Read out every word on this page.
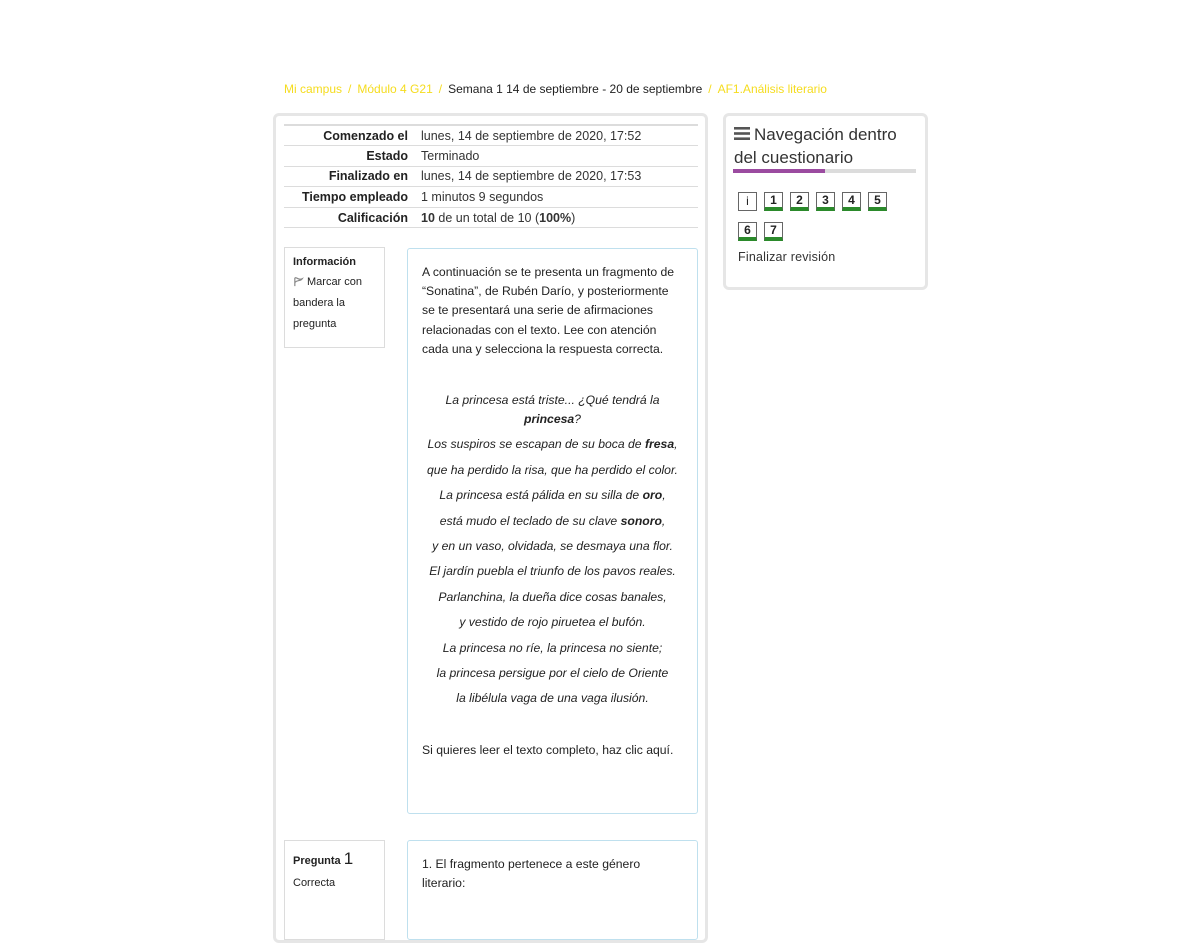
Mi campus / Módulo 4 G21 / Semana 1 14 de septiembre - 20 de septiembre / AF1.Análisis literario
Comenzado el	lunes, 14 de septiembre de 2020, 17:52
Estado	Terminado
Finalizado en	lunes, 14 de septiembre de 2020, 17:53
Tiempo empleado	1 minutos 9 segundos
Calificación	10 de un total de 10 (100%)
Información
Marcar con bandera la pregunta

A continuación se te presenta un fragmento de “Sonatina”, de Rubén Darío, y posteriormente se te presentará una serie de afirmaciones relacionadas con el texto. Lee con atención cada una y selecciona la respuesta correcta.

La princesa está triste... ¿Qué tendrá la princesa?
Los suspiros se escapan de su boca de fresa,
que ha perdido la risa, que ha perdido el color.
La princesa está pálida en su silla de oro,
está mudo el teclado de su clave sonoro,
y en un vaso, olvidada, se desmaya una flor.
El jardín puebla el triunfo de los pavos reales.
Parlanchina, la dueña dice cosas banales,
y vestido de rojo piruetea el bufón.
La princesa no ríe, la princesa no siente;
la princesa persigue por el cielo de Oriente
la libélula vaga de una vaga ilusión.

Si quieres leer el texto completo, haz clic aquí.

Pregunta 1
Correcta
1. El fragmento pertenece a este género literario:
Navegación dentro del cuestionario
i	1	2	3	4	5
6	7
Finalizar revisión
